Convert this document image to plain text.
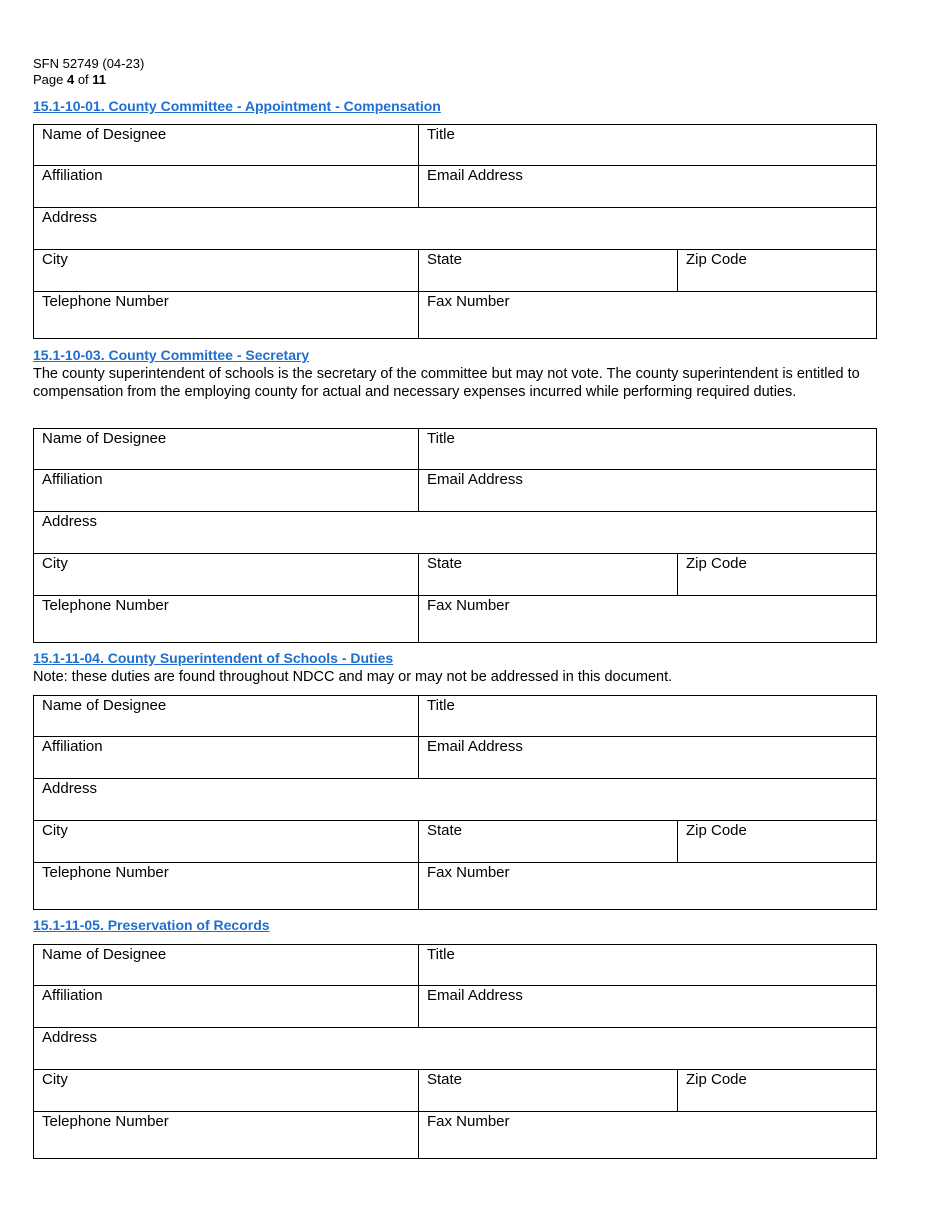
SFN 52749 (04-23)
Page 4 of 11
15.1-10-01. County Committee - Appointment - Compensation
Name of Designee	Title
Affiliation	Email Address
Address
City	State	Zip Code
Telephone Number	Fax Number
15.1-10-03. County Committee - Secretary
The county superintendent of schools is the secretary of the committee but may not vote. The county superintendent is entitled to compensation from the employing county for actual and necessary expenses incurred while performing required duties.
Name of Designee	Title
Affiliation	Email Address
Address
City	State	Zip Code
Telephone Number	Fax Number
15.1-11-04. County Superintendent of Schools - Duties
Note: these duties are found throughout NDCC and may or may not be addressed in this document.
Name of Designee	Title
Affiliation	Email Address
Address
City	State	Zip Code
Telephone Number	Fax Number
15.1-11-05. Preservation of Records
Name of Designee	Title
Affiliation	Email Address
Address
City	State	Zip Code
Telephone Number	Fax Number
